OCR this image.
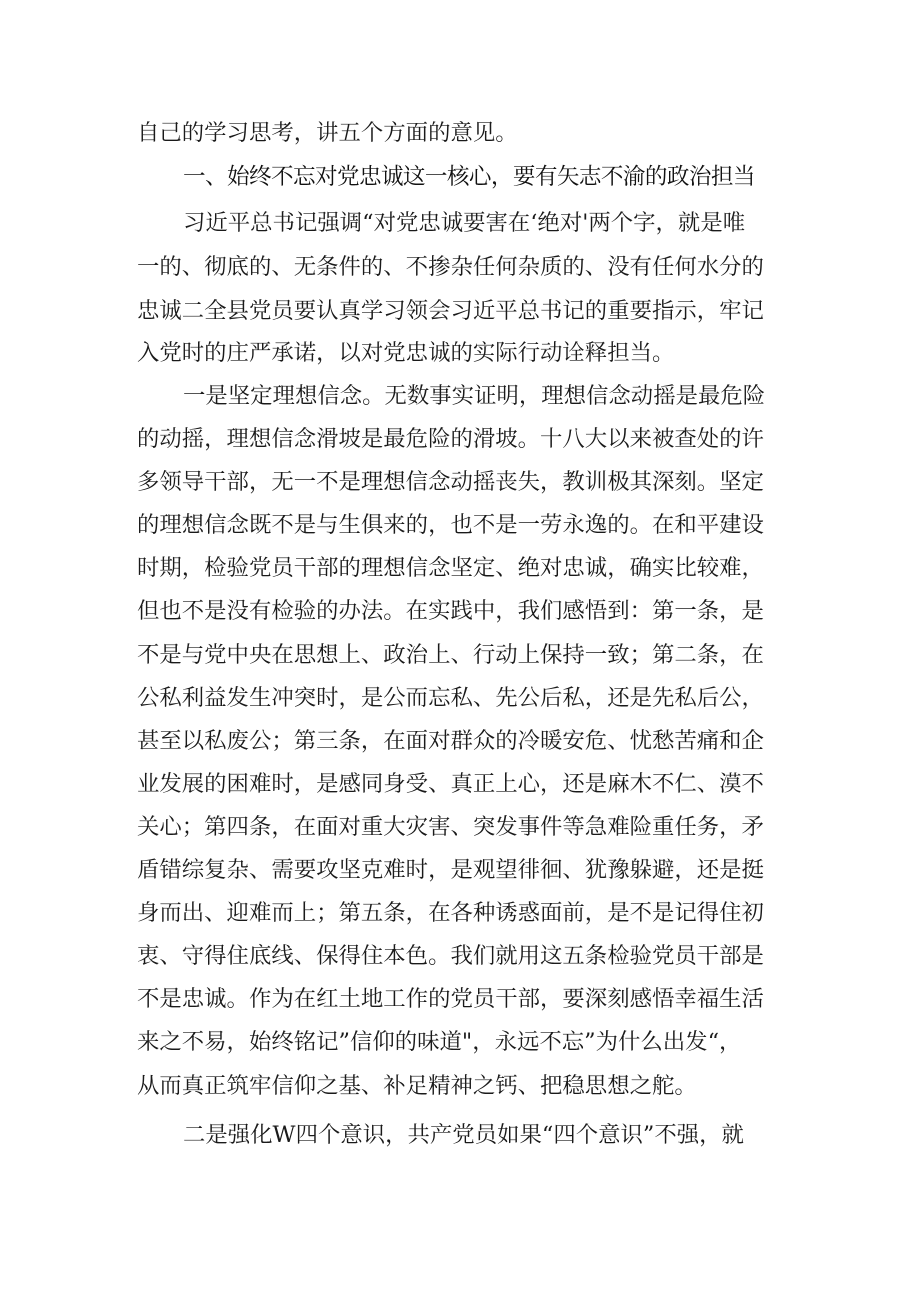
自己的学习思考，讲五个方面的意见。
一、始终不忘对党忠诚这一核心，要有矢志不渝的政治担当
习近平总书记强调“对党忠诚要害在‘绝对'两个字，就是唯
一的、彻底的、无条件的、不掺杂任何杂质的、没有任何水分的
忠诚二全县党员要认真学习领会习近平总书记的重要指示，牢记
入党时的庄严承诺，以对党忠诚的实际行动诠释担当。
一是坚定理想信念。无数事实证明，理想信念动摇是最危险
的动摇，理想信念滑坡是最危险的滑坡。十八大以来被查处的许
多领导干部，无一不是理想信念动摇丧失，教训极其深刻。坚定
的理想信念既不是与生俱来的，也不是一劳永逸的。在和平建设
时期，检验党员干部的理想信念坚定、绝对忠诚，确实比较难，
但也不是没有检验的办法。在实践中，我们感悟到：第一条，是
不是与党中央在思想上、政治上、行动上保持一致；第二条，在
公私利益发生冲突时，是公而忘私、先公后私，还是先私后公，
甚至以私废公；第三条，在面对群众的冷暖安危、忧愁苦痛和企
业发展的困难时，是感同身受、真正上心，还是麻木不仁、漠不
关心；第四条，在面对重大灾害、突发事件等急难险重任务，矛
盾错综复杂、需要攻坚克难时，是观望徘徊、犹豫躲避，还是挺
身而出、迎难而上；第五条，在各种诱惑面前，是不是记得住初
衷、守得住底线、保得住本色。我们就用这五条检验党员干部是
不是忠诚。作为在红土地工作的党员干部，要深刻感悟幸福生活
来之不易，始终铭记”信仰的味道"，永远不忘”为什么出发“，
从而真正筑牢信仰之基、补足精神之钙、把稳思想之舵。
二是强化W四个意识，共产党员如果“四个意识”不强，就
